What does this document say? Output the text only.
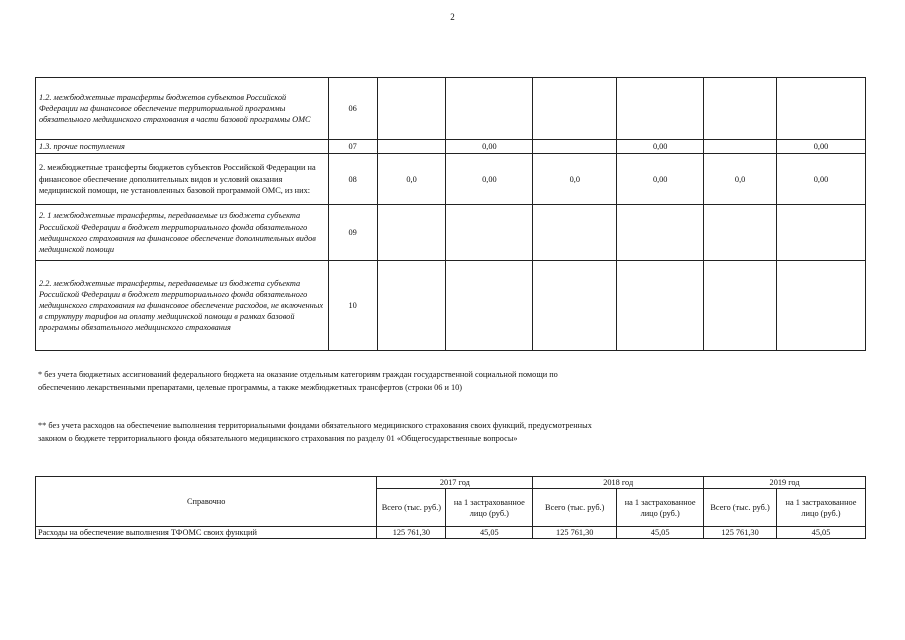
2
1.2. межбюджетные трансферты бюджетов субъектов Российской Федерации на финансовое обеспечение территориальной программы обязательного медицинского страхования в части базовой программы ОМС	06						
1.3. прочие поступления	07		0,00		0,00		0,00
2. межбюджетные трансферты бюджетов субъектов Российской Федерации на финансовое обеспечение дополнительных видов и условий оказания медицинской помощи, не установленных базовой программой ОМС, из них:	08	0,0	0,00	0,0	0,00	0,0	0,00
2. 1 межбюджетные трансферты, передаваемые из бюджета субъекта Российской Федерации в бюджет территориального фонда обязательного медицинского страхования на финансовое обеспечение дополнительных видов медицинской помощи	09						
2.2. межбюджетные трансферты, передаваемые из бюджета субъекта Российской Федерации в бюджет территориального фонда обязательного медицинского страхования на финансовое обеспечение расходов, не включенных в структуру тарифов на оплату медицинской помощи в рамках базовой программы обязательного медицинского страхования	10						
* без учета бюджетных ассигнований федерального бюджета на оказание отдельным категориям граждан государственной социальной помощи по обеспечению лекарственными препаратами, целевые программы, а также межбюджетных трансфертов (строки 06 и 10)
** без учета расходов на обеспечение выполнения территориальными фондами обязательного медицинского страхования своих функций, предусмотренных законом о бюджете территориального фонда обязательного медицинского страхования по разделу 01 «Общегосударственные вопросы»
Справочно	2017 год		2018 год		2019 год	
	Всего (тыс. руб.)	на 1 застрахованное лицо (руб.)	Всего (тыс. руб.)	на 1 застрахованное лицо (руб.)	Всего (тыс. руб.)	на 1 застрахованное лицо (руб.)
Расходы на обеспечение выполнения ТФОМС своих функций	125 761,30	45,05	125 761,30	45,05	125 761,30	45,05
